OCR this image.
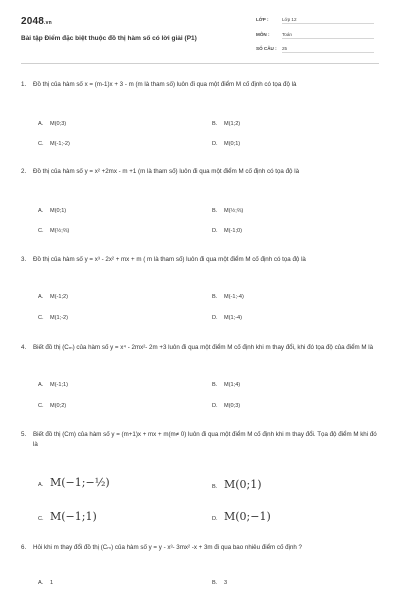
2048.vn
Bài tập Điểm đặc biệt thuộc đồ thị hàm số có lời giải (P1)
LỚP :	Lớp 12
MÔN :	Toán
SỐ CÂU : 25
1. Đồ thị của hàm số x = (m-1)x + 3 - m (m là tham số) luôn đi qua một điểm M cố định có tọa độ là
A. M(0;3)	B. M(1;2)
C. M(-1;-2)	D. M(0;1)
2. Đồ thị của hàm số y = x² +2mx - m +1 (m là tham số) luôn đi qua một điểm M cố định có tọa độ là
A. M(0;1)	B. M(½;⅔)
C. M(½;⅔)	D. M(-1;0)
3. Đồ thị của hàm số y = x³ - 2x² + mx + m ( m là tham số) luôn đi qua một điểm M cố định có tọa độ là
A. M(-1;2)	B. M(-1;-4)
C. M(1;-2)	D. M(1;-4)
4. Biết đồ thị (Cₘ) của hàm số y = x⁴ - 2mx²- 2m +3 luôn đi qua một điểm M cố định khi m thay đổi, khi đó tọa độ của điểm M là
A. M(-1;1)	B. M(1;4)
C. M(0;2)	D. M(0;3)
5. Biết đồ thị (Cm) của hàm số y = (m+1)x + mx + m(m≠ 0) luôn đi qua một điểm M cố định khi m thay đổi. Tọa độ điểm M khi đó là
A. M(−1;−½)	B. M(0;1)
C. M(−1;1)	D. M(0;−1)
6. Hỏi khi m thay đổi đồ thị (Cₘ) của hàm số y = y - x³- 3mx² -x + 3m đi qua bao nhiêu điểm cố định ?
A. 1	B. 3
